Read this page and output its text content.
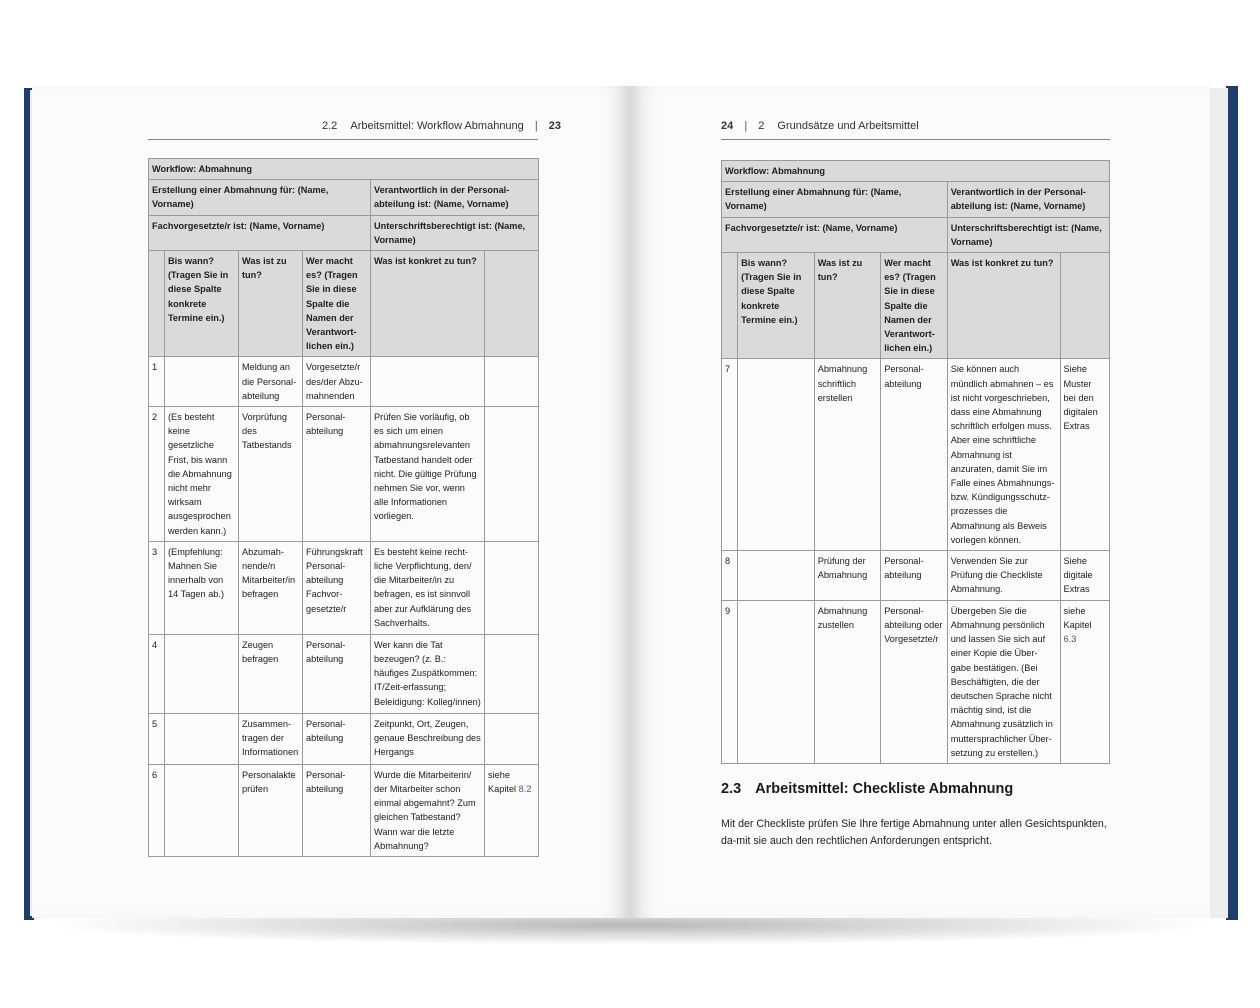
2.2 Arbeitsmittel: Workflow Abmahnung | 23
Workflow: Abmahnung					
Erstellung einer Abmahnung für: (Name, Vorname)				Verantwortlich in der Personal-abteilung ist: (Name, Vorname)	
Fachvorgesetzte/r ist: (Name, Vorname)				Unterschriftsberechtigt ist: (Name, Vorname)	
	Bis wann? (Tragen Sie in diese Spalte konkrete Termine ein.)	Was ist zu tun?	Wer macht es? (Tragen Sie in diese Spalte die Namen der Verantwort-lichen ein.)	Was ist konkret zu tun?	
1		Meldung an die Personal-abteilung	Vorgesetzte/r des/der Abzu-mahnenden		
2	(Es besteht keine gesetzliche Frist, bis wann die Abmahnung nicht mehr wirksam ausgesprochen werden kann.)	Vorprüfung des Tatbestands	Personal-abteilung	Prüfen Sie vorläufig, ob es sich um einen abmahnungsrelevanten Tatbestand handelt oder nicht. Die gültige Prüfung nehmen Sie vor, wenn alle Informationen vorliegen.	
3	(Empfehlung: Mahnen Sie innerhalb von 14 Tagen ab.)	Abzumah-nende/n Mitarbeiter/in befragen	Führungskraft Personal-abteilung Fachvor-gesetzte/r	Es besteht keine recht-liche Verpflichtung, den/ die Mitarbeiter/in zu befragen, es ist sinnvoll aber zur Aufklärung des Sachverhalts.	
4		Zeugen befragen	Personal-abteilung	Wer kann die Tat bezeugen? (z. B.: häufiges Zuspätkommen: IT/Zeit-erfassung; Beleidigung: Kolleg/innen)	
5		Zusammen-tragen der Informationen	Personal-abteilung	Zeitpunkt, Ort, Zeugen, genaue Beschreibung des Hergangs	
6		Personalakte prüfen	Personal-abteilung	Wurde die Mitarbeiterin/ der Mitarbeiter schon einmal abgemahnt? Zum gleichen Tatbestand? Wann war die letzte Abmahnung?	siehe Kapitel 8.2
24 | 2 Grundsätze und Arbeitsmittel
Workflow: Abmahnung					
Erstellung einer Abmahnung für: (Name, Vorname)				Verantwortlich in der Personal-abteilung ist: (Name, Vorname)	
Fachvorgesetzte/r ist: (Name, Vorname)				Unterschriftsberechtigt ist: (Name, Vorname)	
	Bis wann? (Tragen Sie in diese Spalte konkrete Termine ein.)	Was ist zu tun?	Wer macht es? (Tragen Sie in diese Spalte die Namen der Verantwort-lichen ein.)	Was ist konkret zu tun?	
7		Abmahnung schriftlich erstellen	Personal-abteilung	Sie können auch mündlich abmahnen – es ist nicht vorgeschrieben, dass eine Abmahnung schriftlich erfolgen muss. Aber eine schriftliche Abmahnung ist anzuraten, damit Sie im Falle eines Abmahnungs- bzw. Kündigungsschutz-prozesses die Abmahnung als Beweis vorlegen können.	Siehe Muster bei den digitalen Extras
8		Prüfung der Abmahnung	Personal-abteilung	Verwenden Sie zur Prüfung die Checkliste Abmahnung.	Siehe digitale Extras
9		Abmahnung zustellen	Personal-abteilung oder Vorgesetzte/r	Übergeben Sie die Abmahnung persönlich und lassen Sie sich auf einer Kopie die Über-gabe bestätigen. (Bei Beschäftigten, die der deutschen Sprache nicht mächtig sind, ist die Abmahnung zusätzlich in muttersprachlicher Über-setzung zu erstellen.)	siehe Kapitel 6.3
2.3 Arbeitsmittel: Checkliste Abmahnung
Mit der Checkliste prüfen Sie Ihre fertige Abmahnung unter allen Gesichtspunkten, da-mit sie auch den rechtlichen Anforderungen entspricht.
